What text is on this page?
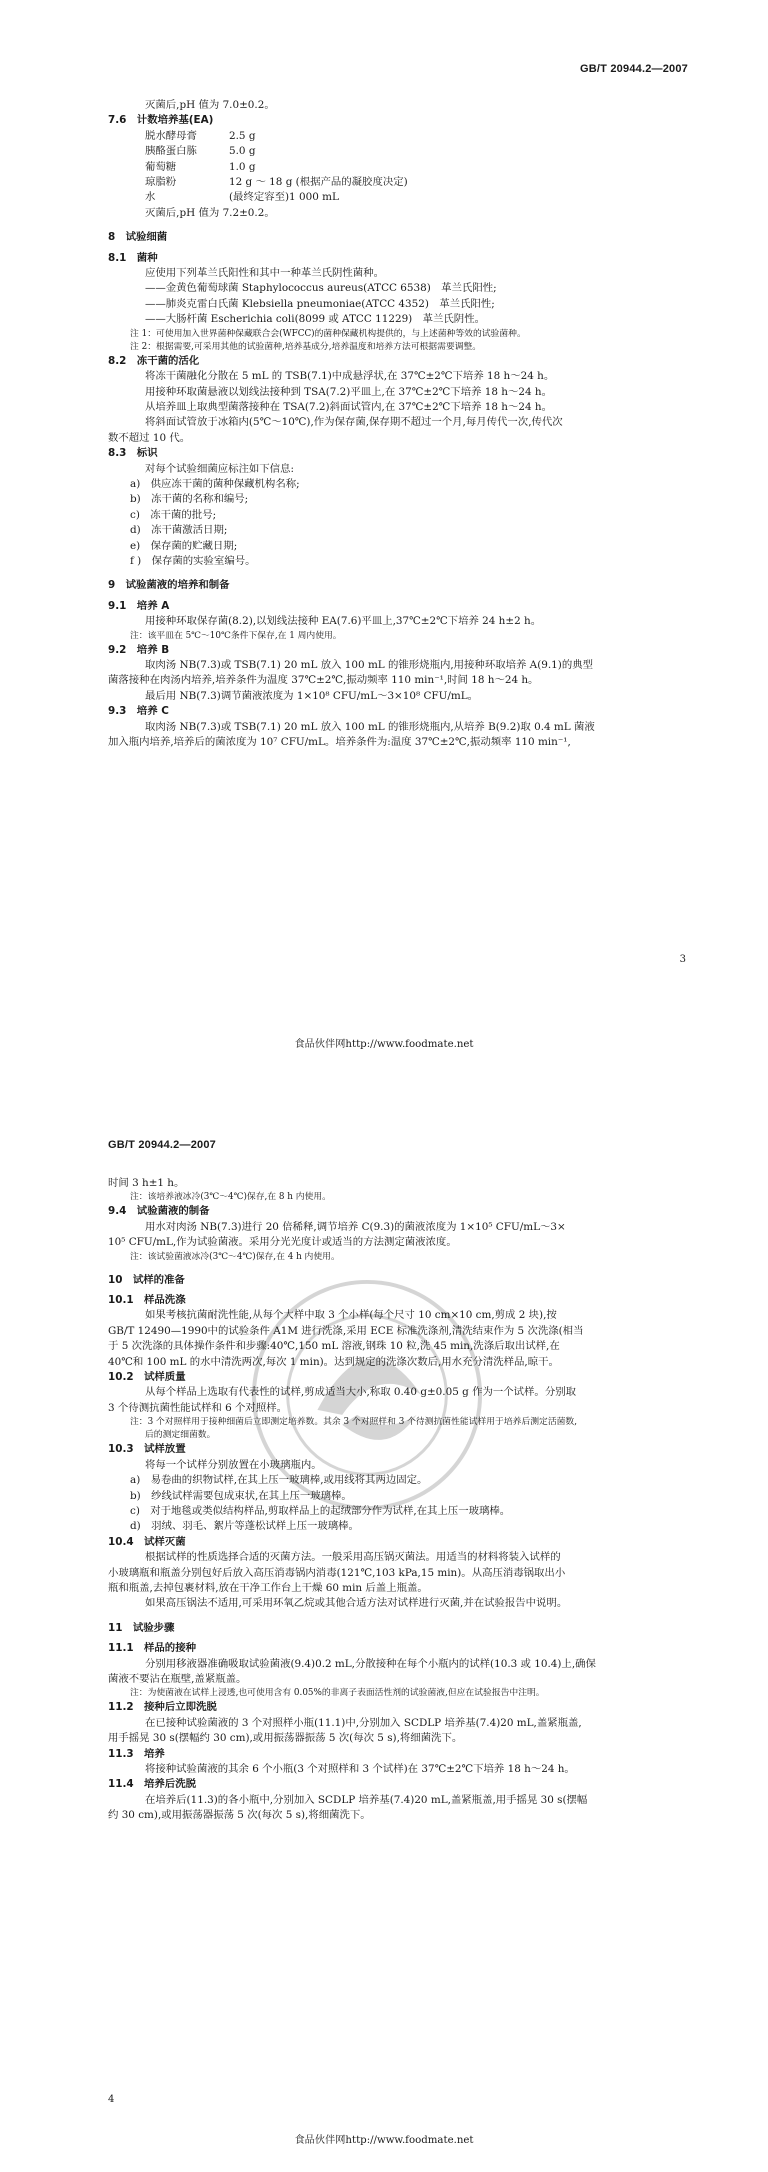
GB/T 20944.2—2007
灭菌后,pH 值为 7.0±0.2。
7.6　计数培养基(EA)
脱水酵母膏	2.5 g
胰酪蛋白胨	5.0 g
葡萄糖	1.0 g
琼脂粉	12 g ～ 18 g (根据产品的凝胶度决定)
水	(最终定容至)1 000 mL
灭菌后,pH 值为 7.2±0.2。
8　试验细菌
8.1　菌种
应使用下列革兰氏阳性和其中一种革兰氏阴性菌种。
——金黄色葡萄球菌 Staphylococcus aureus(ATCC 6538)　革兰氏阳性;
——肺炎克雷白氏菌 Klebsiella pneumoniae(ATCC 4352)　革兰氏阳性;
——大肠杆菌 Escherichia coli(8099 或 ATCC 11229)　革兰氏阴性。
注 1：可使用加入世界菌种保藏联合会(WFCC)的菌种保藏机构提供的，与上述菌种等效的试验菌种。
注 2：根据需要,可采用其他的试验菌种,培养基成分,培养温度和培养方法可根据需要调整。
8.2　冻干菌的活化
将冻干菌融化分散在 5 mL 的 TSB(7.1)中成悬浮状,在 37℃±2℃下培养 18 h～24 h。
用接种环取菌悬液以划线法接种到 TSA(7.2)平皿上,在 37℃±2℃下培养 18 h～24 h。
从培养皿上取典型菌落接种在 TSA(7.2)斜面试管内,在 37℃±2℃下培养 18 h～24 h。
将斜面试管放于冰箱内(5℃～10℃),作为保存菌,保存期不超过一个月,每月传代一次,传代次
数不超过 10 代。
8.3　标识
对每个试验细菌应标注如下信息:
a)　供应冻干菌的菌种保藏机构名称;
b)　冻干菌的名称和编号;
c)　冻干菌的批号;
d)　冻干菌激活日期;
e)　保存菌的贮藏日期;
f )　保存菌的实验室编号。
9　试验菌液的培养和制备
9.1　培养 A
用接种环取保存菌(8.2),以划线法接种 EA(7.6)平皿上,37℃±2℃下培养 24 h±2 h。
注：该平皿在 5℃～10℃条件下保存,在 1 周内使用。
9.2　培养 B
取肉汤 NB(7.3)或 TSB(7.1) 20 mL 放入 100 mL 的锥形烧瓶内,用接种环取培养 A(9.1)的典型
菌落接种在肉汤内培养,培养条件为温度 37℃±2℃,振动频率 110 min⁻¹,时间 18 h～24 h。
最后用 NB(7.3)调节菌液浓度为 1×10⁸ CFU/mL～3×10⁸ CFU/mL。
9.3　培养 C
取肉汤 NB(7.3)或 TSB(7.1) 20 mL 放入 100 mL 的锥形烧瓶内,从培养 B(9.2)取 0.4 mL 菌液
加入瓶内培养,培养后的菌浓度为 10⁷ CFU/mL。培养条件为:温度 37℃±2℃,振动频率 110 min⁻¹,
3
食品伙伴网http://www.foodmate.net
GB/T 20944.2—2007
时间 3 h±1 h。
注：该培养液冰冷(3℃～4℃)保存,在 8 h 内使用。
9.4　试验菌液的制备
用水对肉汤 NB(7.3)进行 20 倍稀释,调节培养 C(9.3)的菌液浓度为 1×10⁵ CFU/mL～3×
10⁵ CFU/mL,作为试验菌液。采用分光光度计或适当的方法测定菌液浓度。
注：该试验菌液冰冷(3℃～4℃)保存,在 4 h 内使用。
10　试样的准备
10.1　样品洗涤
如果考核抗菌耐洗性能,从每个大样中取 3 个小样(每个尺寸 10 cm×10 cm,剪成 2 块),按
GB/T 12490—1990中的试验条件 A1M 进行洗涤,采用 ECE 标准洗涤剂,清洗结束作为 5 次洗涤(相当
于 5 次洗涤的具体操作条件和步骤:40℃,150 mL 溶液,钢珠 10 粒,洗 45 min,洗涤后取出试样,在
40℃和 100 mL 的水中清洗两次,每次 1 min)。达到规定的洗涤次数后,用水充分清洗样品,晾干。
10.2　试样质量
从每个样品上选取有代表性的试样,剪成适当大小,称取 0.40 g±0.05 g 作为一个试样。分别取
3 个待测抗菌性能试样和 6 个对照样。
注：3 个对照样用于接种细菌后立即测定培养数。其余 3 个对照样和 3 个待测抗菌性能试样用于培养后测定活菌数,
后的测定细菌数。
10.3　试样放置
将每一个试样分别放置在小玻璃瓶内。
a)　易卷曲的织物试样,在其上压一玻璃棒,或用线将其两边固定。
b)　纱线试样需要包成束状,在其上压一玻璃棒。
c)　对于地毯或类似结构样品,剪取样品上的起绒部分作为试样,在其上压一玻璃棒。
d)　羽绒、羽毛、絮片等蓬松试样上压一玻璃棒。
10.4　试样灭菌
根据试样的性质选择合适的灭菌方法。一般采用高压锅灭菌法。用适当的材料将装入试样的
小玻璃瓶和瓶盖分别包好后放入高压消毒锅内消毒(121℃,103 kPa,15 min)。从高压消毒锅取出小
瓶和瓶盖,去掉包裹材料,放在干净工作台上干燥 60 min 后盖上瓶盖。
如果高压锅法不适用,可采用环氧乙烷或其他合适方法对试样进行灭菌,并在试验报告中说明。
11　试验步骤
11.1　样品的接种
分别用移液器准确吸取试验菌液(9.4)0.2 mL,分散接种在每个小瓶内的试样(10.3 或 10.4)上,确保
菌液不要沾在瓶壁,盖紧瓶盖。
注：为使菌液在试样上浸透,也可使用含有 0.05%的非离子表面活性剂的试验菌液,但应在试验报告中注明。
11.2　接种后立即洗脱
在已接种试验菌液的 3 个对照样小瓶(11.1)中,分别加入 SCDLP 培养基(7.4)20 mL,盖紧瓶盖,
用手摇晃 30 s(摆幅约 30 cm),或用振荡器振荡 5 次(每次 5 s),将细菌洗下。
11.3　培养
将接种试验菌液的其余 6 个小瓶(3 个对照样和 3 个试样)在 37℃±2℃下培养 18 h～24 h。
11.4　培养后洗脱
在培养后(11.3)的各小瓶中,分别加入 SCDLP 培养基(7.4)20 mL,盖紧瓶盖,用手摇晃 30 s(摆幅
约 30 cm),或用振荡器振荡 5 次(每次 5 s),将细菌洗下。
4
食品伙伴网http://www.foodmate.net
